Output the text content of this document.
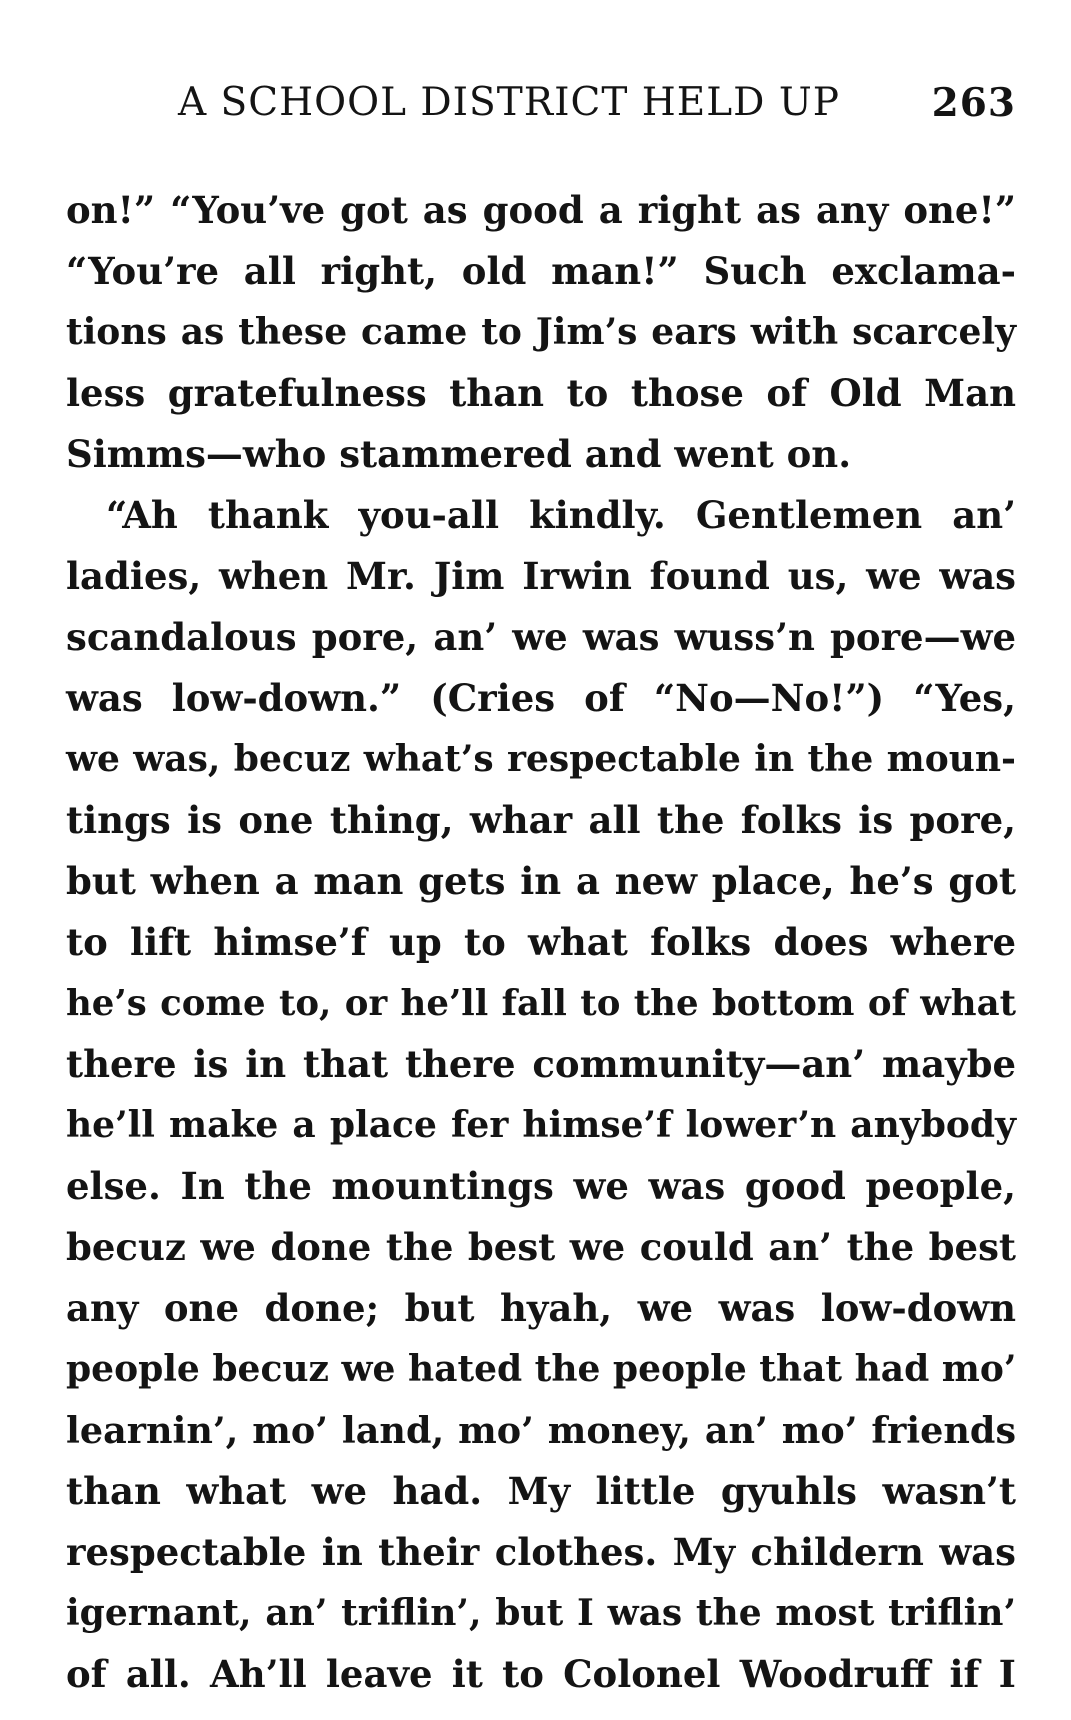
A SCHOOL DISTRICT HELD UP 263
on!” “You’ve got as good a right as any one!”
“You’re all right, old man!” Such exclama-
tions as these came to Jim’s ears with scarcely
less gratefulness than to those of Old Man
Simms—who stammered and went on.
“Ah thank you-all kindly. Gentlemen an’
ladies, when Mr. Jim Irwin found us, we was
scandalous pore, an’ we was wuss’n pore—we
was low-down.” (Cries of “No—No!”) “Yes,
we was, becuz what’s respectable in the moun-
tings is one thing, whar all the folks is pore,
but when a man gets in a new place, he’s got
to lift himse’f up to what folks does where
he’s come to, or he’ll fall to the bottom of what
there is in that there community—an’ maybe
he’ll make a place fer himse’f lower’n anybody
else. In the mountings we was good people,
becuz we done the best we could an’ the best
any one done; but hyah, we was low-down
people becuz we hated the people that had mo’
learnin’, mo’ land, mo’ money, an’ mo’ friends
than what we had. My little gyuhls wasn’t
respectable in their clothes. My childern was
igernant, an’ triflin’, but I was the most triflin’
of all. Ah’ll leave it to Colonel Woodruff if I
